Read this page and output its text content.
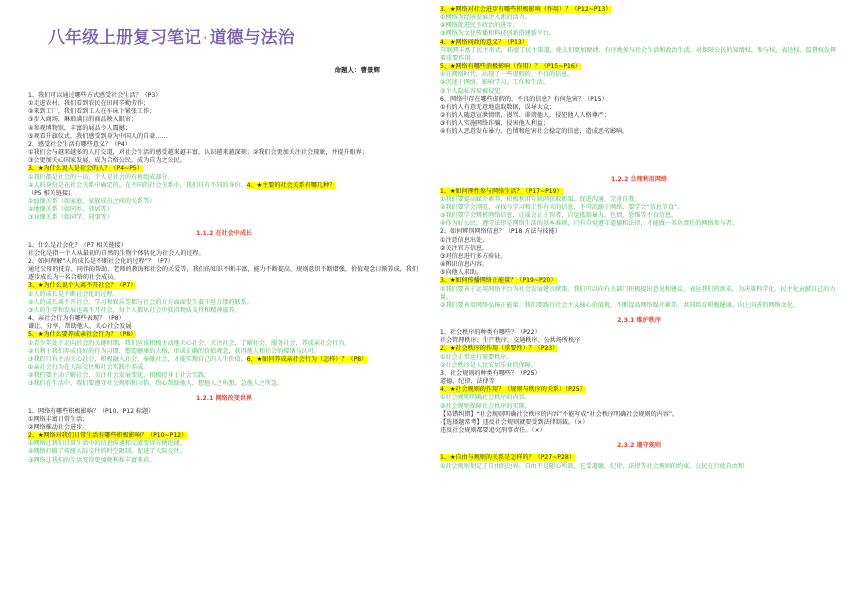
八年级上册复习笔记 · 道德与法治
命题人：曹景辉
1、我们可以通过哪些方式感受社会生活？（P3）
①走进农村，我们看到农民在田间辛勤劳作；
②来到工厂，我们看到工人在车床下紧张工作；
③步入商场，琳琅满目的商品映入眼帘；
④参观博物馆，丰富的展品令人震撼；
⑤观看升旗仪式，我们感受到身为中国人的自豪……
2、感受社会生活有哪些意义？（P4）
①我们会与越来越多的人打交道，对社会生活的感受越来越丰富，认识越来越深刻；②我们会更加关注社会现象，并提升眼界；
③会更加关心国家发展，成为合格公民，成为自为之公民。
3、★为什么说人是社会的人？（P4~P5）
①我们都是社会的一员，个人是社会的有机组成部分。
②人的身份是在社会关系中确定的。在不同的社会关系中，我们具有不同的身份。4、★主要的社会关系有哪几种？
（P5 相关链接）
①血缘关系（如家庭、家族成员之间的关系等）
②地缘关系（如同乡、邻居等）
③业缘关系（如同学、同事等）
1.1.2 在社会中成长
1、什么是社会化？（P7 相关链接）
社会化是指一个人从最初的自然的生物个体转化为社会人的过程。
2、如何理解“人的成长是不断社会化的过程”？（P7）
通过父母的抚育、同伴的帮助、老师的教诲和社会的关爱等，我们的知识不断丰富，能力不断提高，规则意识不断增强，价值观念日渐养成，我们逐步成长为一名合格的社会成员。
3、★为什么说个人离不开社会？（P7）
①人的成长是不断社会化的过程。
②人的成长离不开社会，学习和娱乐等都与社会的方方面面发生着千丝万缕的联系。
③人的生存和发展也离不开社会，每个人都从社会中获得物质支持和精神滋养。
4、亲社会行为有哪些表现？（P8）
谦让、分享、帮助他人、关心社会发展
5、★为什么要养成亲社会行为？（P8）
①青少年处于走向社会的关键时期，我们应该积极主动地关心社会，关注社会，了解社会，服务社会，养成亲社会行为。
②有利于我们养成良好的行为习惯，塑造健康的人格，形成正确的价值观念，获得他人和社会的接纳与认可。
③我们只有主动关心社会，积极融入社会，奉献社会，才能实现自己的人生价值。6、★如何养成亲社会行为（怎样）？（P8）
①亲社会行为在人际交往和社会实践中养成。
②我们要主动了解社会，关注社会发展变化，积极投身于社会实践。
③我们在生活中，我们要遵守社会规则和习俗，热心帮助他人，想他人之所想，急他人之所急。
1.2.1 网络改变世界
1、网络有哪些积极影响？（P10、P12 标题）
①网络丰富日常生活；
②网络推动社会进步。
2、★网络对我们日常生活有哪些积极影响？（P10~P12）
①网络让我们日常生活中的信息传递和交流变得方便迅捷。
②网络打破了传统人际交往的时空限制，促进了人际交往。
③网络让我们的生活变得更加便利和丰富多彩。
3、★网络对社会进步有哪些积极影响（作用）？（P12~P13）
①网络为经济发展注入新的活力。
②网络促进民主政治的进步。
③网络为文化传播和科技创新搭建新平台。
4、★网络问政的意义？（P13）
互联网丰富了民主形式，拓宽了民主渠道，使人们更加便捷、有序地参与社会生活和政治生活，对保障公民的知情权、参与权、表达权、监督权发挥着重要作用。
5、★网络有哪些消极影响（作用）？（P15~P16）
①在网络时代，出现了一些虚假的、不良的信息。
②沉迷于网络，影响学习、工作和生活。
③个人隐私容易被侵犯。
6、网络中存在哪些虚假的、不良的信息？有何危害？（P15）
①有的人有意无意地盗取数据，误导大众；
②有的人随意宣泄情绪，谩骂、诽谤他人，侵犯他人人格尊严；
③有的人实施网络诈骗，侵害他人利益；
④有的人恶意发布暴力、色情和危害社会稳定的信息，造成恶劣影响。
1.2.2 合理利用网络
1、★如何理性参与网络生活？（P17~P19）
①我们要提高媒介素养，积极利用互联网获取新知、促进沟通、完善自我。
②我们要学会浏览，寻找与学习和工作有关的信息，不可沉溺于网络，要学会“信息节食”。
③我们要学会辨析网络信息，让谣言止于智者，自觉抵制暴力、色情、恐怖等不良信息。
④作为好公民，遵守法律是网络生活的基本准则，只有自觉遵守道德和法律，才能做一名负责任的网络参与者。
2、如何辨别网络信息？（P18 方法与技能）
①注意信息出处。
②关注官方信息。
③对信息进行多方验证。
④辨识信息内容。
⑤向他人求助。
3、★如何传播网络正能量？（P19~P20）
①我们要善于运用网络平台为社会发展建言献策。我们可以向有关部门积极提出意见和建议，表达我们的诉求，为决策科学化、民主化贡献自己的力量。
②我们要善用网络弘扬正能量。我们要践行社会主义核心价值观，不断提高网络媒介素养，共同培育积极健康、向上向善的网络文化。
2.3.1 维护秩序
1、社会秩序的种类有哪些？（P22）
社会管理秩序、生产秩序、交通秩序、公共场所秩序
2、★社会秩序的作用（重要性）？（P23）
①社会正常运行需要秩序。
②社会秩序是人民安居乐业的保障。
3、社会规则的种类有哪些？（P25）
道德、纪律、法律等
4、★社会规则的作用？（规则与秩序的关系）（P25）
①社会规则明确社会秩序的内容。
②社会规则保障社会秩序的实现。
【易错纠错】“社会规则明确社会秩序的内容”不能写成“社会秩序明确社会规则的内容”。
【选择题常考】违反社会规则就要受到法律制裁。（×）
违反社会规则都要追究刑事责任。（×）
2.3.2 遵守规则
1、★自由与规则的关系是怎样的？（P27~P28）
①社会规则划定了自由的边界。自由不是随心所欲，它受道德、纪律、法律等社会规则的约束。公民在行使自由和
